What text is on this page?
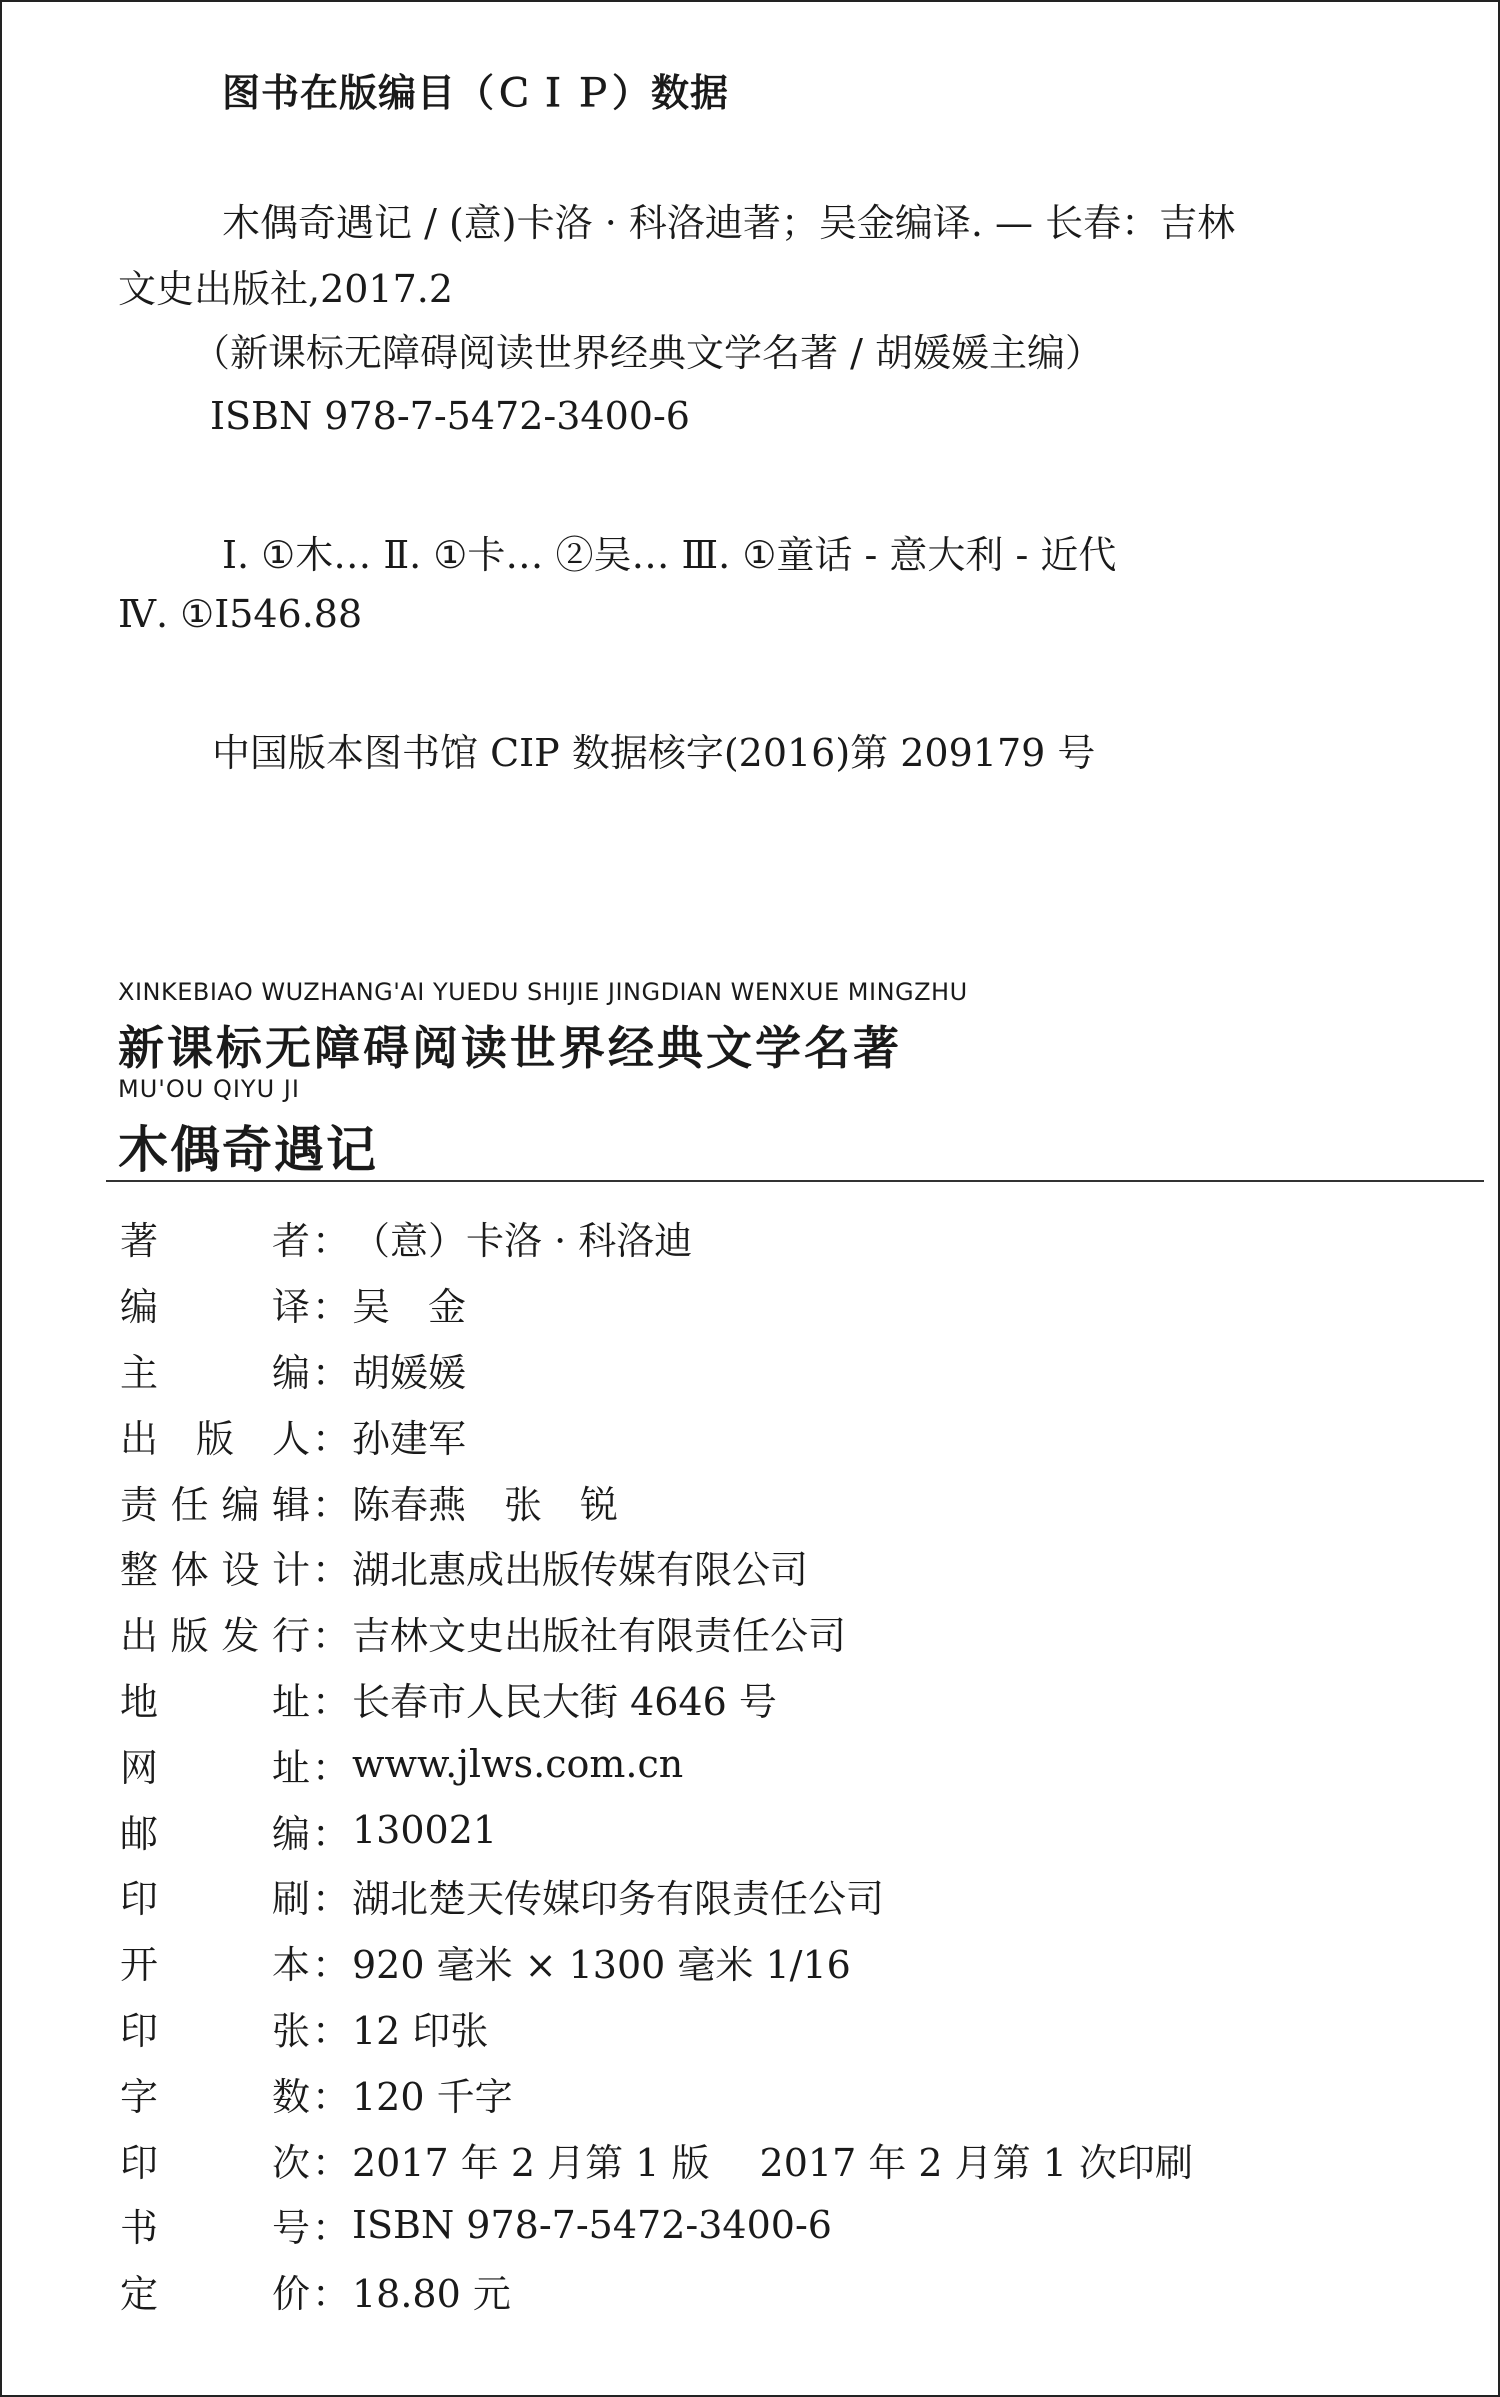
图书在版编目（ＣＩＰ）数据
木偶奇遇记 / (意)卡洛 · 科洛迪著；吴金编译. — 长春：吉林
文史出版社,2017.2
（新课标无障碍阅读世界经典文学名著 / 胡媛媛主编）
ISBN 978-7-5472-3400-6
Ⅰ. ①木… Ⅱ. ①卡… ②吴… Ⅲ. ①童话 - 意大利 - 近代
Ⅳ. ①I546.88
中国版本图书馆 CIP 数据核字(2016)第 209179 号
XINKEBIAO WUZHANG'AI YUEDU SHIJIE JINGDIAN WENXUE MINGZHU
新课标无障碍阅读世界经典文学名著
MU'OU QIYU JI
木偶奇遇记
著	者 ： （意）卡洛 · 科洛迪
编	译 ： 吴　金
主	编 ： 胡媛媛
出 版 人 ： 孙建军
责 任 编 辑 ： 陈春燕　张　锐
整 体 设 计 ： 湖北惠成出版传媒有限公司
出 版 发 行 ： 吉林文史出版社有限责任公司
地	址 ： 长春市人民大街 4646 号
网	址 ： www.jlws.com.cn
邮	编 ： 130021
印	刷 ： 湖北楚天传媒印务有限责任公司
开	本 ： 920 毫米 × 1300 毫米 1/16
印	张 ： 12 印张
字	数 ： 120 千字
印	次 ： 2017 年 2 月第 1 版　 2017 年 2 月第 1 次印刷
书	号 ： ISBN 978-7-5472-3400-6
定	价 ： 18.80 元
